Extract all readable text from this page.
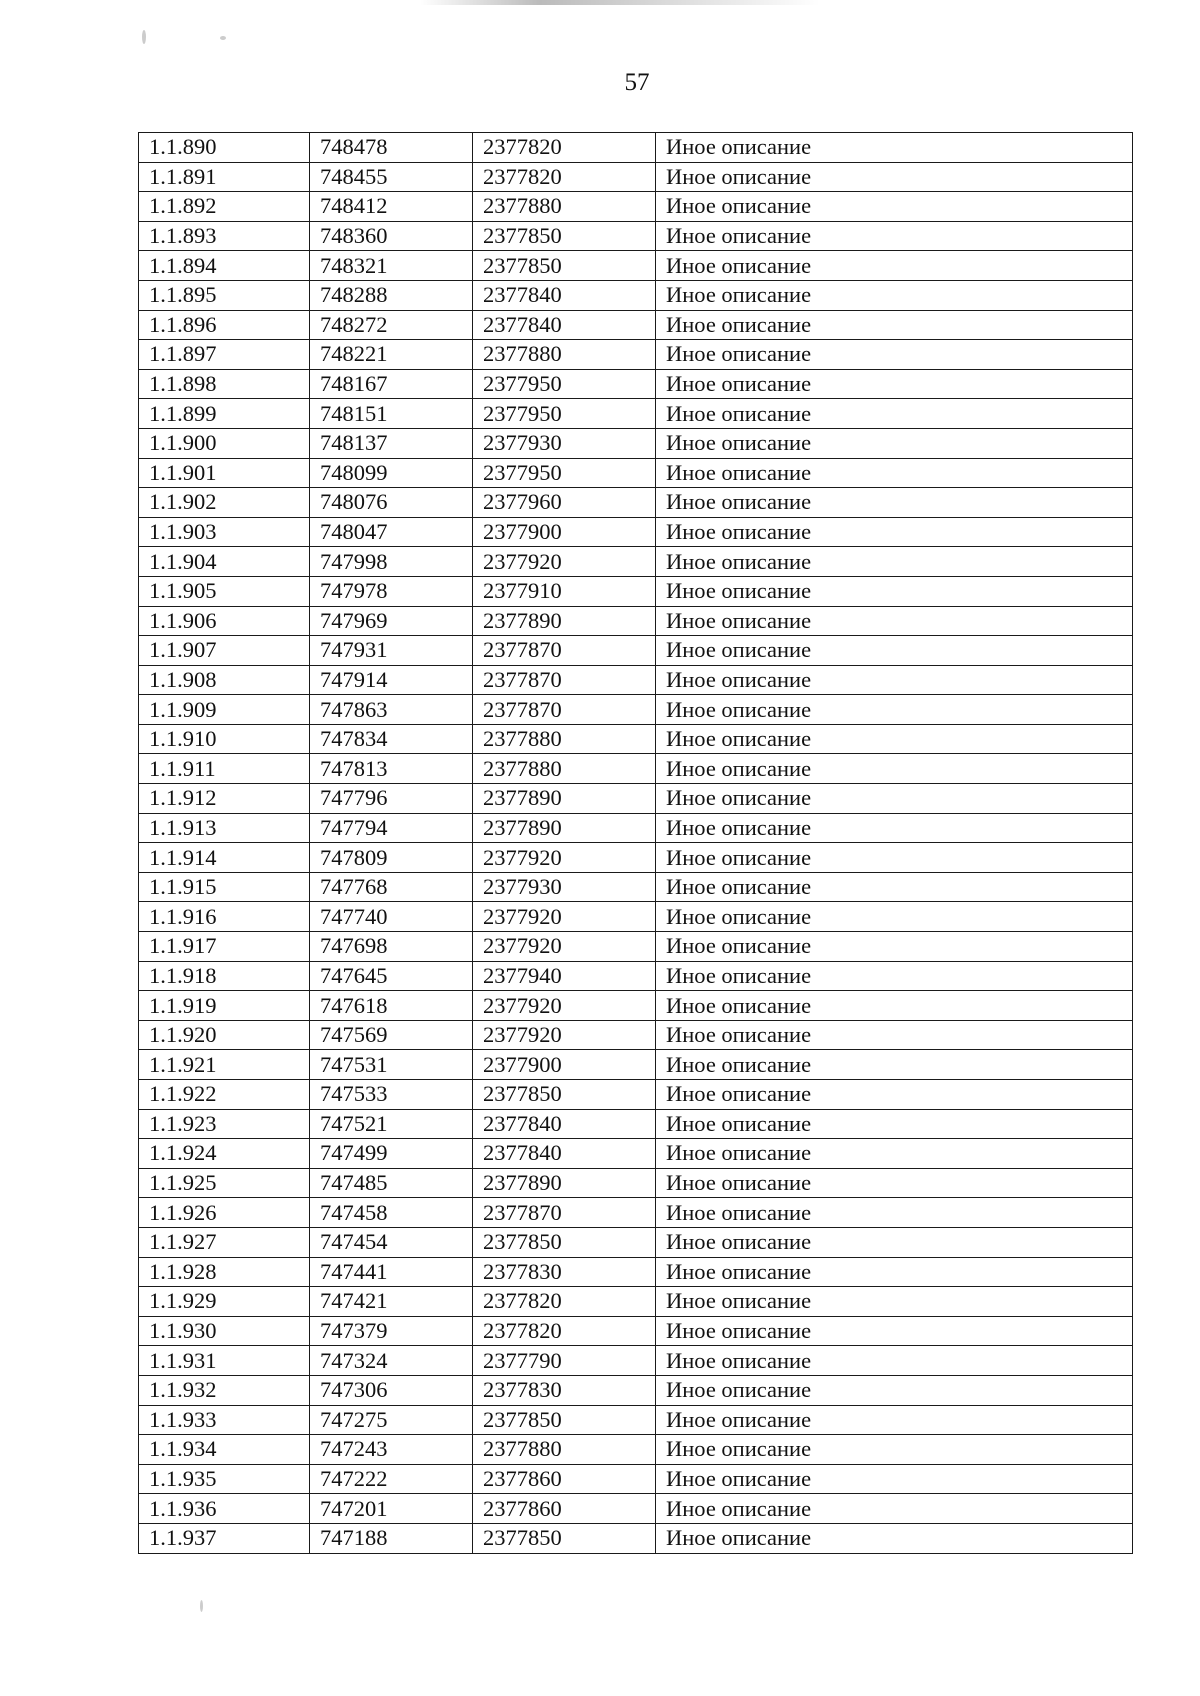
57
1.1.890	748478	2377820	Иное описание
1.1.891	748455	2377820	Иное описание
1.1.892	748412	2377880	Иное описание
1.1.893	748360	2377850	Иное описание
1.1.894	748321	2377850	Иное описание
1.1.895	748288	2377840	Иное описание
1.1.896	748272	2377840	Иное описание
1.1.897	748221	2377880	Иное описание
1.1.898	748167	2377950	Иное описание
1.1.899	748151	2377950	Иное описание
1.1.900	748137	2377930	Иное описание
1.1.901	748099	2377950	Иное описание
1.1.902	748076	2377960	Иное описание
1.1.903	748047	2377900	Иное описание
1.1.904	747998	2377920	Иное описание
1.1.905	747978	2377910	Иное описание
1.1.906	747969	2377890	Иное описание
1.1.907	747931	2377870	Иное описание
1.1.908	747914	2377870	Иное описание
1.1.909	747863	2377870	Иное описание
1.1.910	747834	2377880	Иное описание
1.1.911	747813	2377880	Иное описание
1.1.912	747796	2377890	Иное описание
1.1.913	747794	2377890	Иное описание
1.1.914	747809	2377920	Иное описание
1.1.915	747768	2377930	Иное описание
1.1.916	747740	2377920	Иное описание
1.1.917	747698	2377920	Иное описание
1.1.918	747645	2377940	Иное описание
1.1.919	747618	2377920	Иное описание
1.1.920	747569	2377920	Иное описание
1.1.921	747531	2377900	Иное описание
1.1.922	747533	2377850	Иное описание
1.1.923	747521	2377840	Иное описание
1.1.924	747499	2377840	Иное описание
1.1.925	747485	2377890	Иное описание
1.1.926	747458	2377870	Иное описание
1.1.927	747454	2377850	Иное описание
1.1.928	747441	2377830	Иное описание
1.1.929	747421	2377820	Иное описание
1.1.930	747379	2377820	Иное описание
1.1.931	747324	2377790	Иное описание
1.1.932	747306	2377830	Иное описание
1.1.933	747275	2377850	Иное описание
1.1.934	747243	2377880	Иное описание
1.1.935	747222	2377860	Иное описание
1.1.936	747201	2377860	Иное описание
1.1.937	747188	2377850	Иное описание
